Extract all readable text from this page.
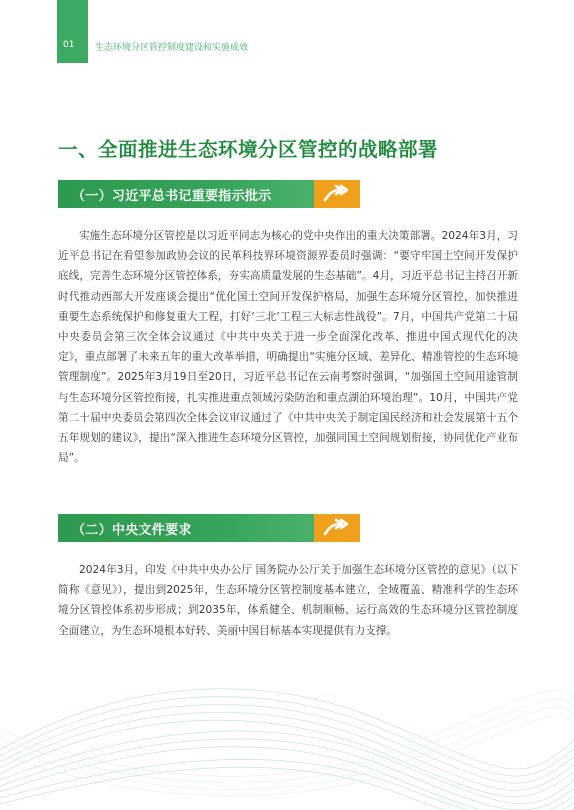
01 生态环境分区管控制度建设和实施成效
一、全面推进生态环境分区管控的战略部署
（一）习近平总书记重要指示批示

实施生态环境分区管控是以习近平同志为核心的党中央作出的重大决策部署。2024年3月，习近平总书记在看望参加政协会议的民革科技界环境资源界委员时强调：“要守牢国土空间开发保护底线，完善生态环境分区管控体系，夯实高质量发展的生态基础”。4月，习近平总书记主持召开新时代推动西部大开发座谈会提出“优化国土空间开发保护格局，加强生态环境分区管控，加快推进重要生态系统保护和修复重大工程，打好‘三北’工程三大标志性战役”。7月，中国共产党第二十届中央委员会第三次全体会议通过《中共中央关于进一步全面深化改革、推进中国式现代化的决定》，重点部署了未来五年的重大改革举措，明确提出“实施分区域、差异化、精准管控的生态环境管理制度”。2025年3月19日至20日，习近平总书记在云南考察时强调，“加强国土空间用途管制与生态环境分区管控衔接，扎实推进重点领域污染防治和重点湖泊环境治理”。10月，中国共产党第二十届中央委员会第四次全体会议审议通过了《中共中央关于制定国民经济和社会发展第十五个五年规划的建议》，提出“深入推进生态环境分区管控，加强同国土空间规划衔接，协同优化产业布局”。

（二）中央文件要求

2024年3月，印发《中共中央办公厅 国务院办公厅关于加强生态环境分区管控的意见》（以下简称《意见》），提出到2025年，生态环境分区管控制度基本建立，全域覆盖、精准科学的生态环境分区管控体系初步形成；到2035年，体系健全、机制顺畅、运行高效的生态环境分区管控制度全面建立，为生态环境根本好转、美丽中国目标基本实现提供有力支撑。
